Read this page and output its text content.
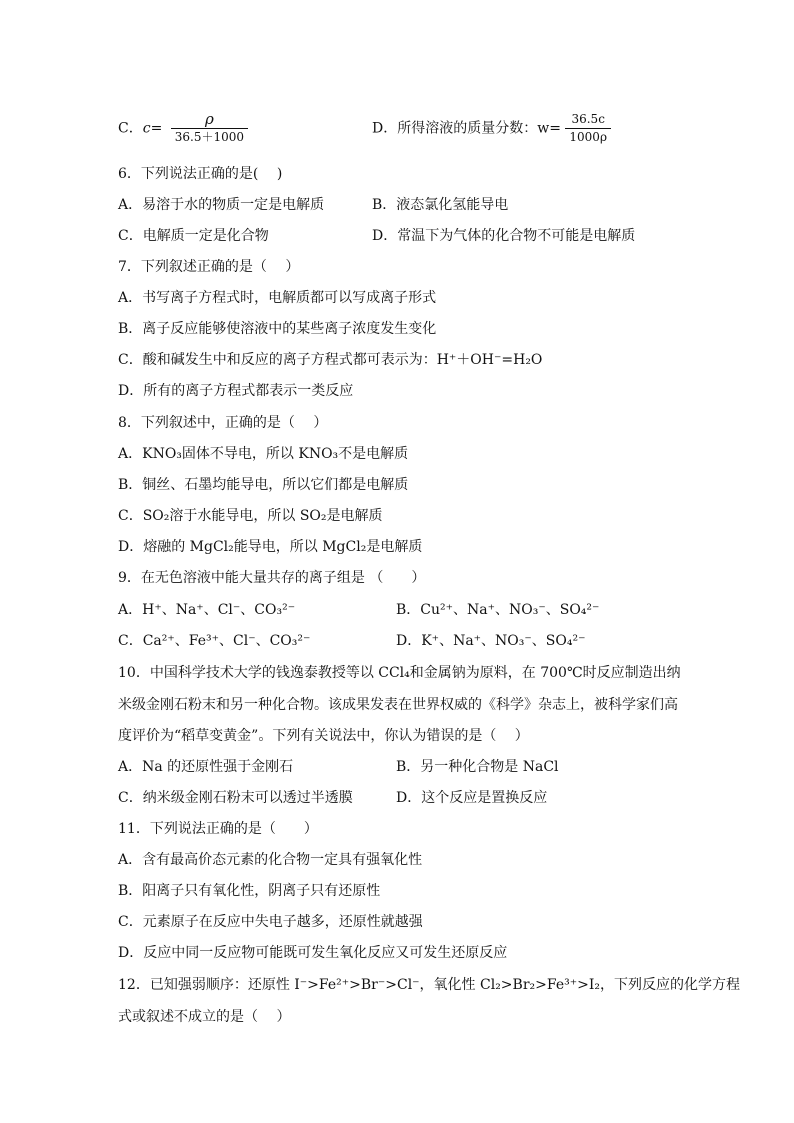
C．$c= \frac{\rho}{36.5+1000}$	D．所得溶液的质量分数：$w= \frac{36.5c}{1000\rho}$
6．下列说法正确的是(　 )
A．易溶于水的物质一定是电解质	B．液态氯化氢能导电
C．电解质一定是化合物	D．常温下为气体的化合物不可能是电解质
7．下列叙述正确的是（　 ）
A．书写离子方程式时，电解质都可以写成离子形式
B．离子反应能够使溶液中的某些离子浓度发生变化
C．酸和碱发生中和反应的离子方程式都可表示为：H⁺＋OH⁻=H₂O
D．所有的离子方程式都表示一类反应
8．下列叙述中，正确的是（　 ）
A．KNO₃固体不导电，所以 KNO₃不是电解质
B．铜丝、石墨均能导电，所以它们都是电解质
C．SO₂溶于水能导电，所以 SO₂是电解质
D．熔融的 MgCl₂能导电，所以 MgCl₂是电解质
9．在无色溶液中能大量共存的离子组是 （　　）
A．H⁺、Na⁺、Cl⁻、CO₃²⁻	B．Cu²⁺、Na⁺、NO₃⁻、SO₄²⁻
C．Ca²⁺、Fe³⁺、Cl⁻、CO₃²⁻	D．K⁺、Na⁺、NO₃⁻、SO₄²⁻
10．中国科学技术大学的钱逸泰教授等以 CCl₄和金属钠为原料，在 700℃时反应制造出纳
米级金刚石粉末和另一种化合物。该成果发表在世界权威的《科学》杂志上，被科学家们高
度评价为“稻草变黄金”。下列有关说法中，你认为错误的是（　 ）
A．Na 的还原性强于金刚石	B．另一种化合物是 NaCl
C．纳米级金刚石粉末可以透过半透膜	D．这个反应是置换反应
11．下列说法正确的是（　　）
A．含有最高价态元素的化合物一定具有强氧化性
B．阳离子只有氧化性，阴离子只有还原性
C．元素原子在反应中失电子越多，还原性就越强
D．反应中同一反应物可能既可发生氧化反应又可发生还原反应
12．已知强弱顺序：还原性 I⁻>Fe²⁺>Br⁻>Cl⁻，氧化性 Cl₂>Br₂>Fe³⁺>I₂，下列反应的化学方程
式或叙述不成立的是（　 ）
